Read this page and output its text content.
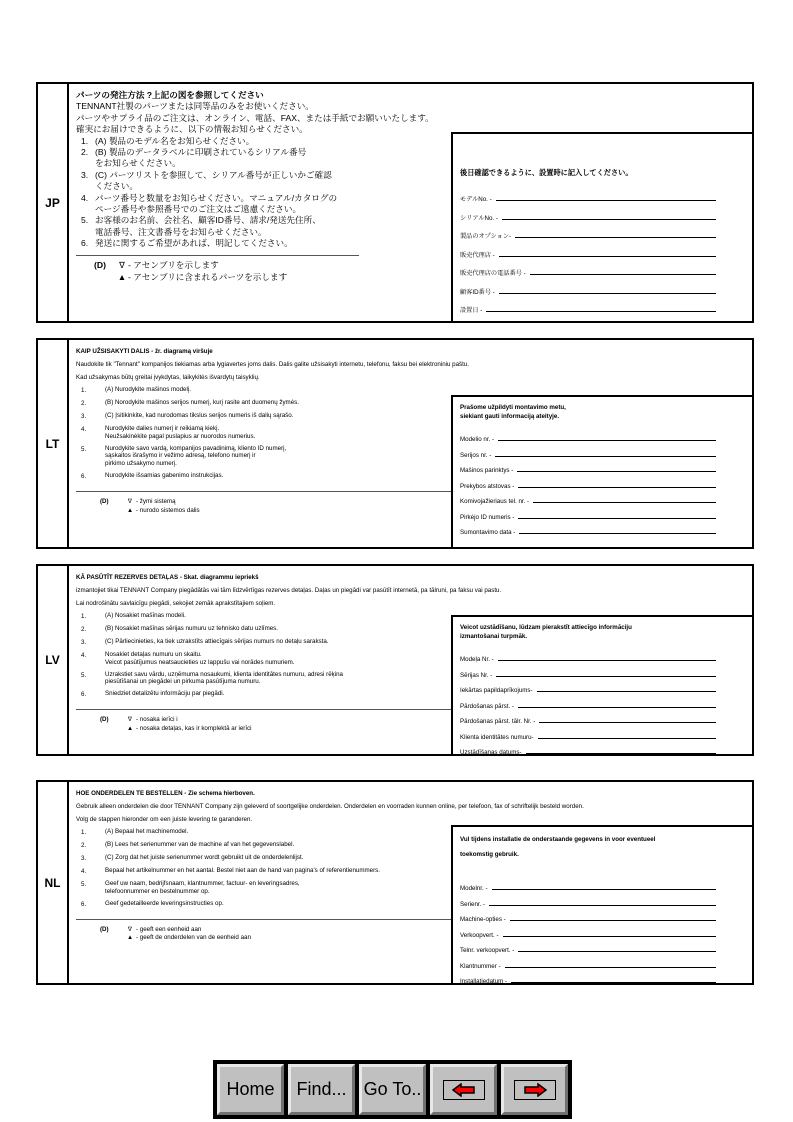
JP
パーツの発注方法 ?上記の図を参照してください
TENNANT社製のパーツまたは同等品のみをお使いください。
パーツやサプライ品のご注文は、オンライン、電話、FAX、または手紙でお願いいたします。
確実にお届けできるように、以下の情報お知らせください。
1. (A) 製品のモデル名をお知らせください。
2. (B) 製品のデータラベルに印刷されているシリアル番号
をお知らせください。
3. (C) パーツリストを参照して、シリアル番号が正しいかご確認
ください。
4. パーツ番号と数量をお知らせください。マニュアル/カタログの
ページ番号や参照番号でのご注文はご遠慮ください。
5. お客様のお名前、会社名、顧客ID番号、請求/発送先住所、
電話番号、注文書番号をお知らせください。
6. 発送に関するご希望があれば、明記してください。
(D)	∇ - アセンブリを示します
▲ - アセンブリに含まれるパーツを示します
後日確認できるように、設置時に記入してください。
モデルNo. -
シリアルNo. -
製品のオプション-
販売代理店 -
販売代理店の電話番号 -
顧客ID番号 -
設置日 -
LT
KAIP UŽSISAKYTI DALIS - žr. diagramą viršuje
Naudokite tik "Tennant" kompanijos tiekiamas arba lygiavertes joms dalis. Dalis galite užsisakyti internetu, telefonu, faksu bei elektroniniu paštu.
Kad užsakymas būtų greitai įvykdytas, laikykitės išvardytų taisyklių.
1.	(A) Nurodykite mašinos modelį.
2.	(B) Norodykite mašinos serijos numerį, kurį rasite ant duomenų žymės.
3.	(C) Įsitikinkite, kad nurodomas tikslus serijos numeris iš dalių sąrašo.
4.	Nurodykite dalies numerį ir reikiamą kiekį.
Neužsakinėkite pagal puslapius ar nuorodos numerius.
5.	Nurodykite savo vardą, kompanijos pavadinimą, kliento ID numerį,
sąskaitos išrašymo ir vežimo adresą, telefono numerį ir
pirkimo užsakymo numerį.
6.	Nurodykite išsamias gabenimo instrukcijas.
(D)	∇ - žymi sistemą
▲ - nurodo sistemos dalis
Prašome užpildyti montavimo metu,
siekiant gauti informaciją ateityje.
Modelio nr. -
Serijos nr. -
Mašinos parinktys -
Prekybos atstovas -
Komivojažieriaus tel. nr. -
Pirkėjo ID numeris -
Sumontavimo data -
LV
KĀ PASŪTĪT REZERVES DETAĻAS - Skat. diagrammu iepriekš
izmantojiet tikai TENNANT Company piegādātās vai tām līdzvērtīgas rezerves detaļas. Daļas un piegādi var pasūtīt internetā, pa tālruni, pa faksu vai pastu.
Lai nodrošinātu savlaicīgu piegādi, sekojiet zemāk aprakstītajiem soļiem.
1.	(A) Nosakiet mašīnas modeli.
2.	(B) Nosakiet mašīnas sērijas numuru uz tehnisko datu uzlīmes.
3.	(C) Pārliecinieties, ka tiek uzrakstīts attiecīgais sērijas numurs no detaļu saraksta.
4.	Nosakiet detaļas numuru un skaitu.
Veicot pasūtījumus neatsaucieties uz lappušu vai norādes numuriem.
5.	Uzrakstiet savu vārdu, uzņēmuma nosaukumi, klienta identitātes numuru, adresi rēķina
piesūtīšanai un piegādei un pirkuma pasūtījuma numuru.
6.	Sniedziet detalizētu informāciju par piegādi.
(D)	∇ - nosaka ierīci i
▲ - nosaka detaļas, kas ir komplektā ar ierīci
Veicot uzstādīšanu, lūdzam pierakstīt attiecīgo informāciju
izmantošanai turpmāk.
Modeļa Nr. -
Sērijas Nr. -
Iekārtas papildaprīkojums-
Pārdošanas pārst. -
Pārdošanas pārst. tālr. Nr. -
Klienta identitātes numuru-
Uzstādīšanas datums-
NL
HOE ONDERDELEN TE BESTELLEN - Zie schema hierboven.
Gebruik alleen onderdelen die door TENNANT Company zijn geleverd of soortgelijke onderdelen. Onderdelen en voorraden kunnen online, per telefoon, fax of schriftelijk besteld worden.
Volg de stappen hieronder om een juiste levering te garanderen.
1.	(A) Bepaal het machinemodel.
2.	(B) Lees het serienummer van de machine af van het gegevenslabel.
3.	(C) Zorg dat het juiste serienummer wordt gebruikt uit de onderdelenlijst.
4.	Bepaal het artikelnummer en het aantal. Bestel niet aan de hand van pagina's of referentienummers.
5.	Geef uw naam, bedrijfsnaam, klantnummer, factuur- en leveringsadres,
telefoonnummer en bestelnummer op.
6.	Geef gedetailleerde leveringsinstructies op.
(D)	∇ - geeft een eenheid aan
▲ - geeft de onderdelen van de eenheid aan
Vul tijdens installatie de onderstaande gegevens in voor eventueel
toekomstig gebruik.
Modelnr. -
Serienr. -
Machine-opties -
Verkoopvert. -
Telnr. verkoopvert. -
Klantnummer -
Installatiedatum -
Home	Find... Go To..
